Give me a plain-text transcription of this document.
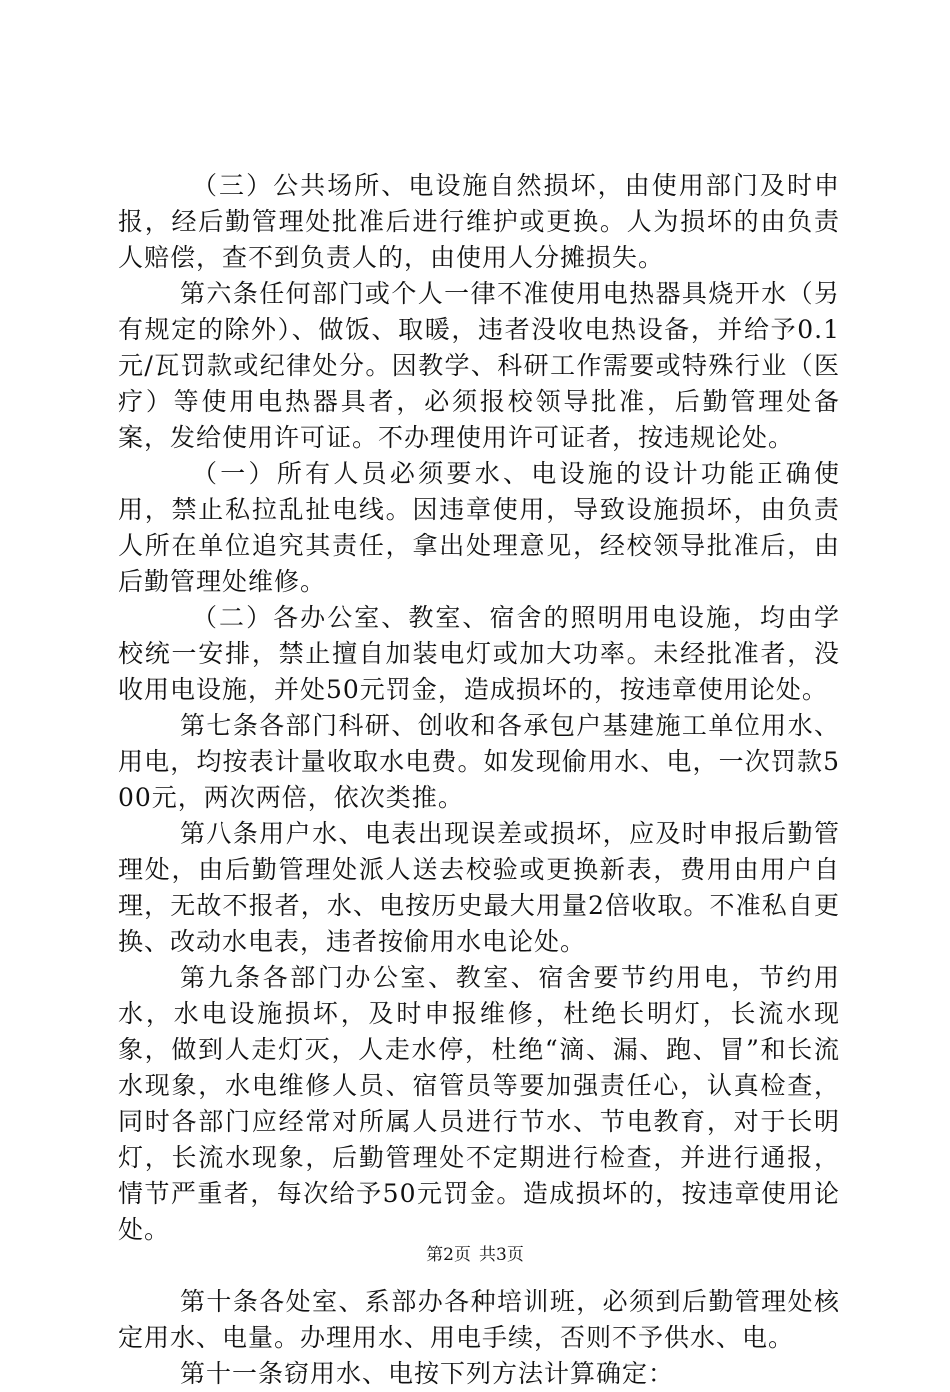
（三）公共场所、电设施自然损坏，由使用部门及时申报，经后勤管理处批准后进行维护或更换。人为损坏的由负责人赔偿，查不到负责人的，由使用人分摊损失。

第六条任何部门或个人一律不准使用电热器具烧开水（另有规定的除外）、做饭、取暖，违者没收电热设备，并给予0.1元/瓦罚款或纪律处分。因教学、科研工作需要或特殊行业（医疗）等使用电热器具者，必须报校领导批准，后勤管理处备案，发给使用许可证。不办理使用许可证者，按违规论处。

（一）所有人员必须要水、电设施的设计功能正确使用，禁止私拉乱扯电线。因违章使用，导致设施损坏，由负责人所在单位追究其责任，拿出处理意见，经校领导批准后，由后勤管理处维修。

（二）各办公室、教室、宿舍的照明用电设施，均由学校统一安排，禁止擅自加装电灯或加大功率。未经批准者，没收用电设施，并处50元罚金，造成损坏的，按违章使用论处。

第七条各部门科研、创收和各承包户基建施工单位用水、用电，均按表计量收取水电费。如发现偷用水、电，一次罚款500元，两次两倍，依次类推。

第八条用户水、电表出现误差或损坏，应及时申报后勤管理处，由后勤管理处派人送去校验或更换新表，费用由用户自理，无故不报者，水、电按历史最大用量2倍收取。不准私自更换、改动水电表，违者按偷用水电论处。

第九条各部门办公室、教室、宿舍要节约用电，节约用水，水电设施损坏，及时申报维修，杜绝长明灯，长流水现象，做到人走灯灭，人走水停，杜绝“滴、漏、跑、冒”和长流水现象，水电维修人员、宿管员等要加强责任心，认真检查，同时各部门应经常对所属人员进行节水、节电教育，对于长明灯，长流水现象，后勤管理处不定期进行检查，并进行通报，情节严重者，每次给予50元罚金。造成损坏的，按违章使用论处。

第十条各处室、系部办各种培训班，必须到后勤管理处核定用水、电量。办理用水、用电手续，否则不予供水、电。

第十一条窃用水、电按下列方法计算确定：

第2页 共3页
